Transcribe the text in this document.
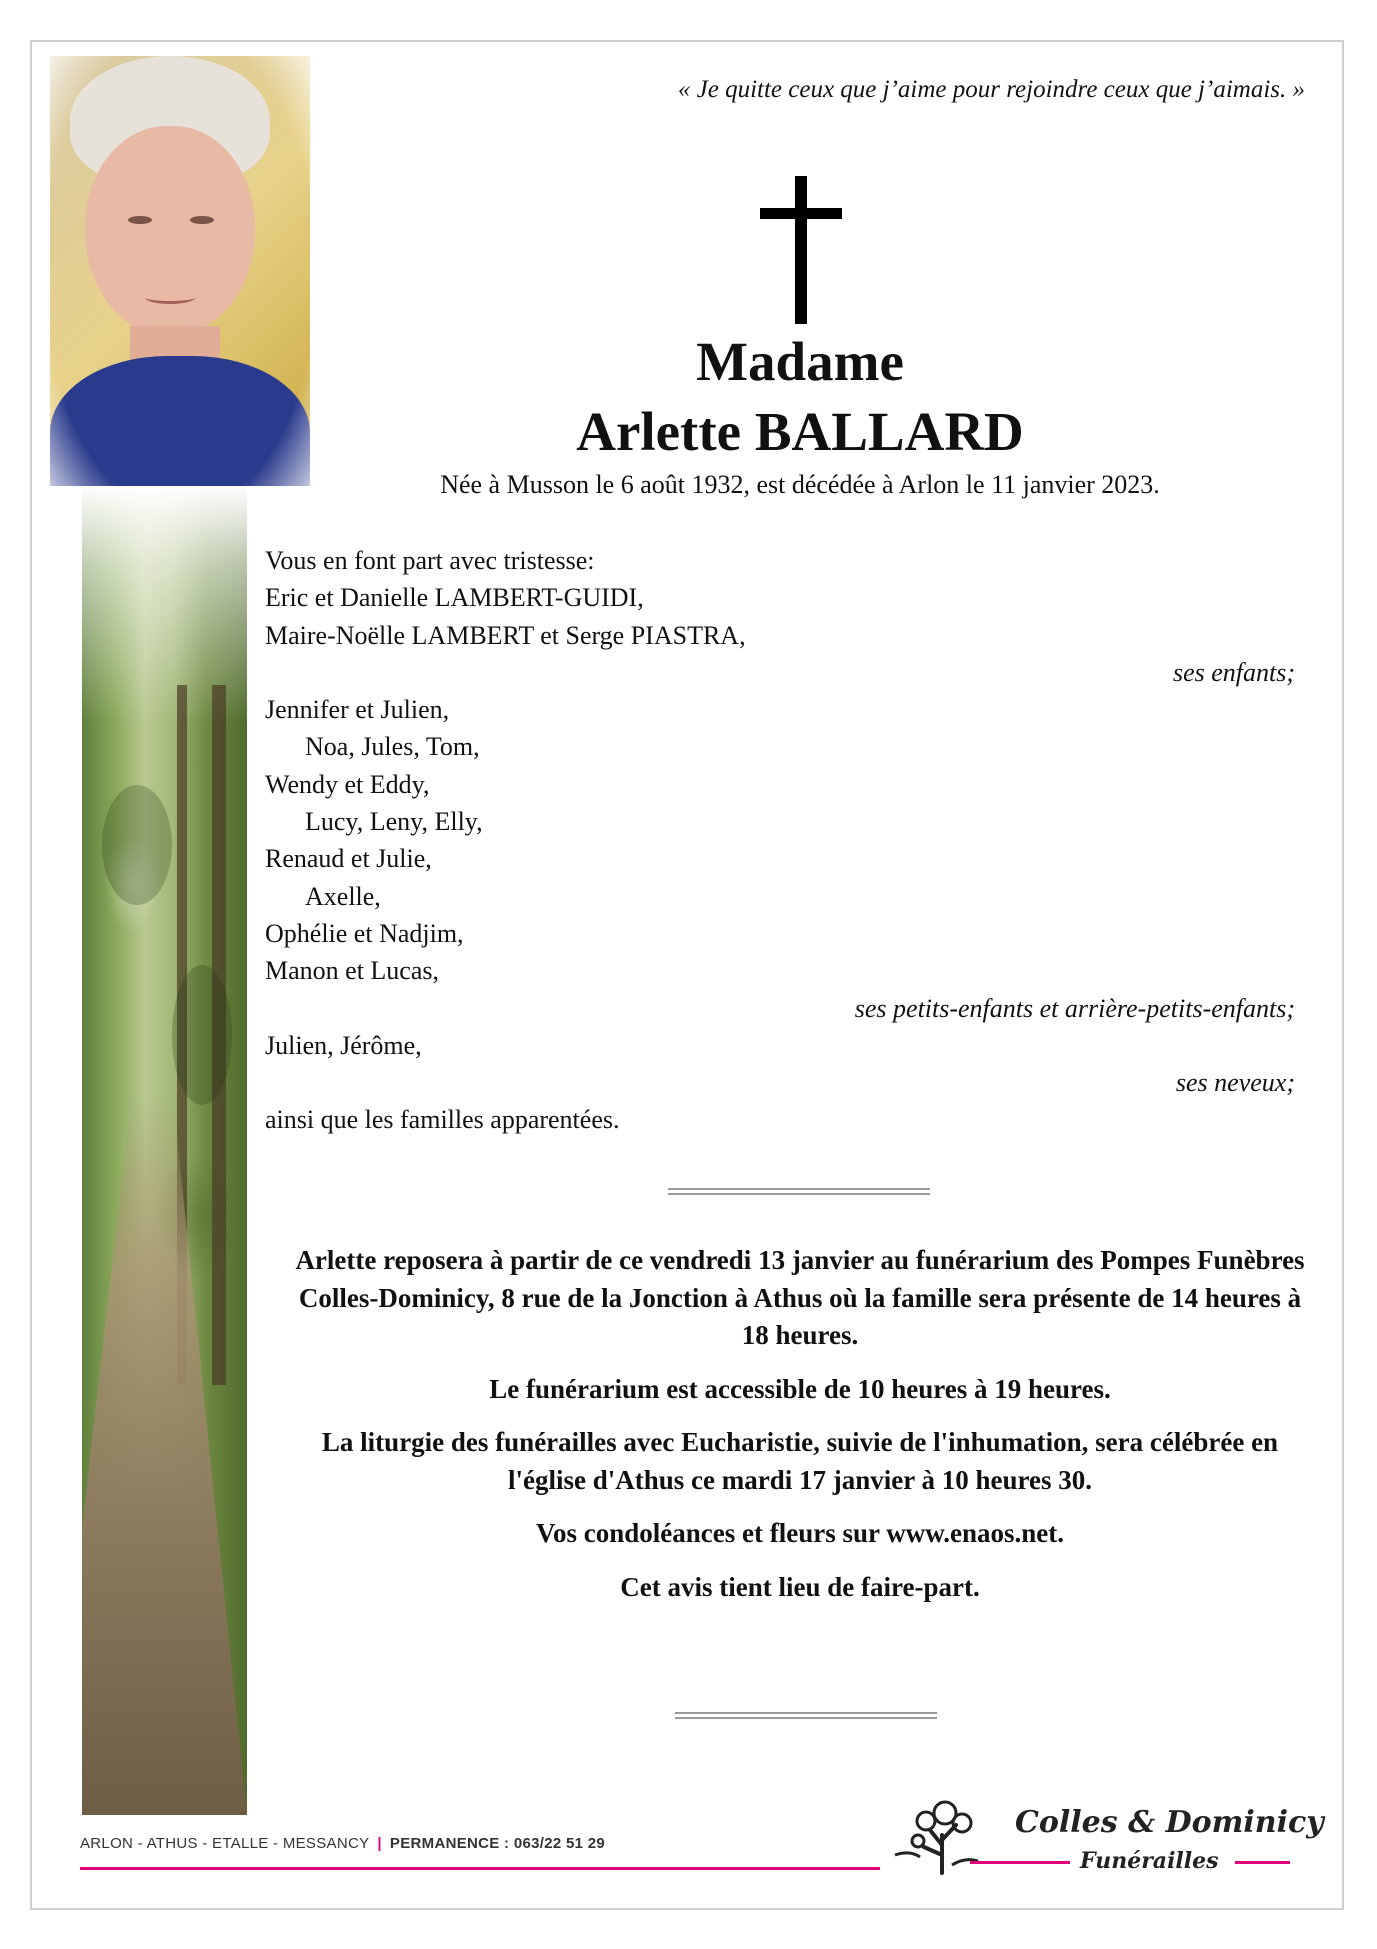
« Je quitte ceux que j’aime pour rejoindre ceux que j’aimais. »
Madame
Arlette BALLARD
Née à Musson le 6 août 1932, est décédée à Arlon le 11 janvier 2023.
Vous en font part avec tristesse:
Eric et Danielle LAMBERT-GUIDI,
Maire-Noëlle LAMBERT et Serge PIASTRA,
ses enfants;
Jennifer et Julien,
Noa, Jules, Tom,
Wendy et Eddy,
Lucy, Leny, Elly,
Renaud et Julie,
Axelle,
Ophélie et Nadjim,
Manon et Lucas,
ses petits-enfants et arrière-petits-enfants;
Julien, Jérôme,
ses neveux;
ainsi que les familles apparentées.

Arlette reposera à partir de ce vendredi 13 janvier au funérarium des Pompes Funèbres Colles-Dominicy, 8 rue de la Jonction à Athus où la famille sera présente de 14 heures à 18 heures.

Le funérarium est accessible de 10 heures à 19 heures.

La liturgie des funérailles avec Eucharistie, suivie de l'inhumation, sera célébrée en l'église d'Athus ce mardi 17 janvier à 10 heures 30.

Vos condoléances et fleurs sur www.enaos.net.

Cet avis tient lieu de faire-part.

ARLON - ATHUS - ETALLE - MESSANCY | PERMANENCE : 063/22 51 29
Colles & Dominicy
Funérailles
